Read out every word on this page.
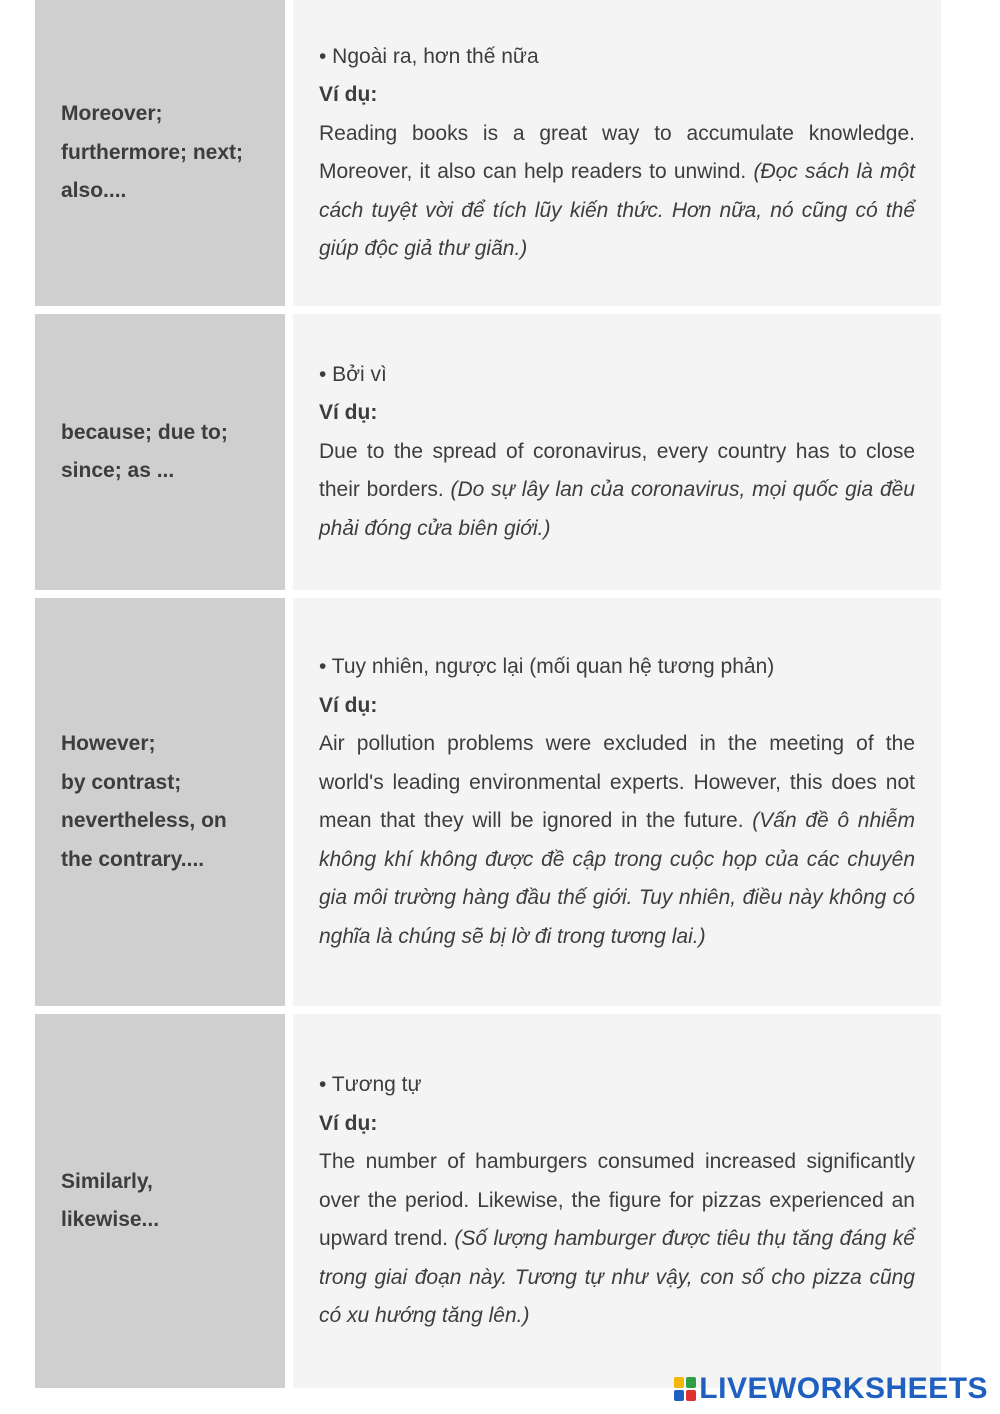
Moreover;
furthermore; next;
also....
• Ngoài ra, hơn thế nữa
Ví dụ:
Reading books is a great way to accumulate knowledge. Moreover, it also can help readers to unwind. (Đọc sách là một cách tuyệt vời để tích lũy kiến thức. Hơn nữa, nó cũng có thể giúp độc giả thư giãn.)
because; due to;
since; as ...
• Bởi vì
Ví dụ:
Due to the spread of coronavirus, every country has to close their borders. (Do sự lây lan của coronavirus, mọi quốc gia đều phải đóng cửa biên giới.)
However;
by contrast;
nevertheless, on
the contrary....
• Tuy nhiên, ngược lại (mối quan hệ tương phản)
Ví dụ:
Air pollution problems were excluded in the meeting of the world's leading environmental experts. However, this does not mean that they will be ignored in the future. (Vấn đề ô nhiễm không khí không được đề cập trong cuộc họp của các chuyên gia môi trường hàng đầu thế giới. Tuy nhiên, điều này không có nghĩa là chúng sẽ bị lờ đi trong tương lai.)
Similarly,
likewise...
• Tương tự
Ví dụ:
The number of hamburgers consumed increased significantly over the period. Likewise, the figure for pizzas experienced an upward trend. (Số lượng hamburger được tiêu thụ tăng đáng kể trong giai đoạn này. Tương tự như vậy, con số cho pizza cũng có xu hướng tăng lên.)
LIVEWORKSHEETS
